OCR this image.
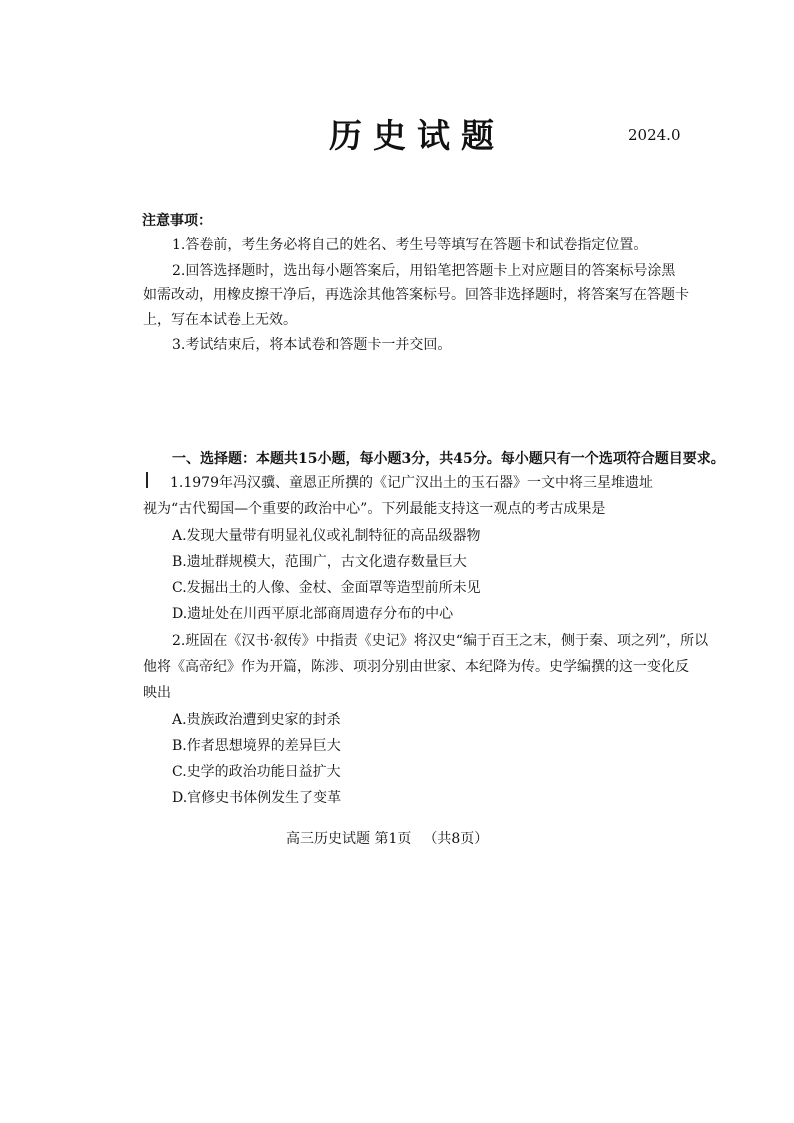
历史试题	2024.0
注意事项：
1.答卷前，考生务必将自己的姓名、考生号等填写在答题卡和试卷指定位置。
2.回答选择题时，选出每小题答案后，用铅笔把答题卡上对应题目的答案标号涂黑
如需改动，用橡皮擦干净后，再选涂其他答案标号。回答非选择题时，将答案写在答题卡
上，写在本试卷上无效。
3.考试结束后，将本试卷和答题卡一并交回。
一、选择题：本题共15小题，每小题3分，共45分。每小题只有一个选项符合题目要求。
1.1979年冯汉骥、童恩正所撰的《记广汉出土的玉石器》一文中将三星堆遗址
视为“古代蜀国—个重要的政治中心”。下列最能支持这一观点的考古成果是
A.发现大量带有明显礼仪或礼制特征的高品级器物
B.遗址群规模大，范围广，古文化遗存数量巨大
C.发掘出土的人像、金杖、金面罩等造型前所未见
D.遗址处在川西平原北部商周遗存分布的中心
2.班固在《汉书·叙传》中指责《史记》将汉史“编于百王之末，侧于秦、项之列”，所以
他将《高帝纪》作为开篇，陈涉、项羽分别由世家、本纪降为传。史学编撰的这一变化反
映出
A.贵族政治遭到史家的封杀
B.作者思想境界的差异巨大
C.史学的政治功能日益扩大
D.官修史书体例发生了变革
高三历史试题 第1页 （共8页）
